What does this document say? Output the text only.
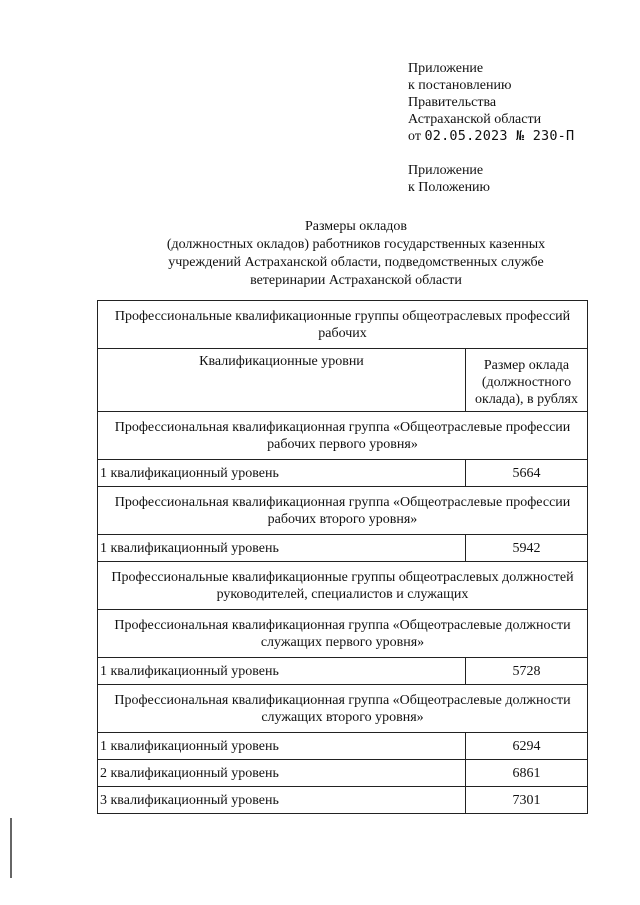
Приложение
к постановлению
Правительства
Астраханской области
от 02.05.2023 № 230-П
Приложение
к Положению
Размеры окладов
(должностных окладов) работников государственных казенных
учреждений Астраханской области, подведомственных службе
ветеринарии Астраханской области
Профессиональные квалификационные группы общеотраслевых профессий рабочих	
Квалификационные уровни	Размер оклада (должностного оклада), в рублях
Профессиональная квалификационная группа «Общеотраслевые профессии рабочих первого уровня»	
1 квалификационный уровень	5664
Профессиональная квалификационная группа «Общеотраслевые профессии рабочих второго уровня»	
1 квалификационный уровень	5942
Профессиональные квалификационные группы общеотраслевых должностей руководителей, специалистов и служащих	
Профессиональная квалификационная группа «Общеотраслевые должности служащих первого уровня»	
1 квалификационный уровень	5728
Профессиональная квалификационная группа «Общеотраслевые должности служащих второго уровня»	
1 квалификационный уровень	6294
2 квалификационный уровень	6861
3 квалификационный уровень	7301
